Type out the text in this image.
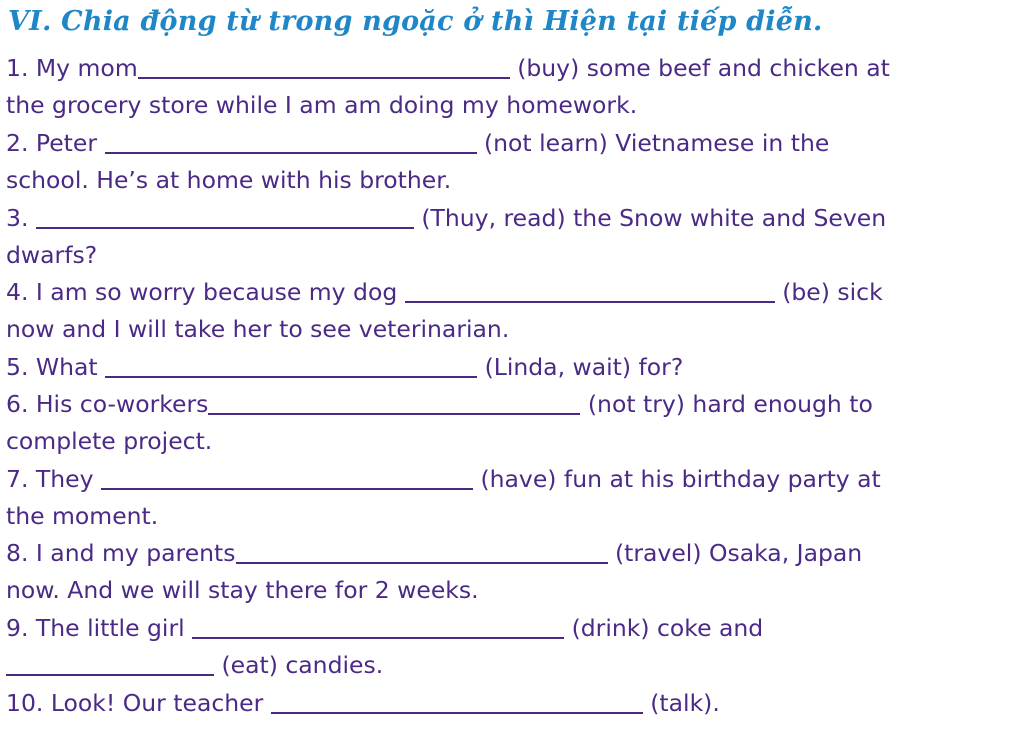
VI. Chia động từ trong ngoặc ở thì Hiện tại tiếp diễn.
1. My mom	(buy) some beef and chicken at
the grocery store while I am am doing my homework.
2. Peter	(not learn) Vietnamese in the
school. He’s at home with his brother.
3.	(Thuy, read) the Snow white and Seven
dwarfs?
4. I am so worry because my dog	(be) sick
now and I will take her to see veterinarian.
5. What	(Linda, wait) for?
6. His co-workers	(not try) hard enough to
complete project.
7. They	(have) fun at his birthday party at
the moment.
8. I and my parents	(travel) Osaka, Japan
now. And we will stay there for 2 weeks.
9. The little girl	(drink) coke and
(eat) candies.
10. Look! Our teacher	(talk).
